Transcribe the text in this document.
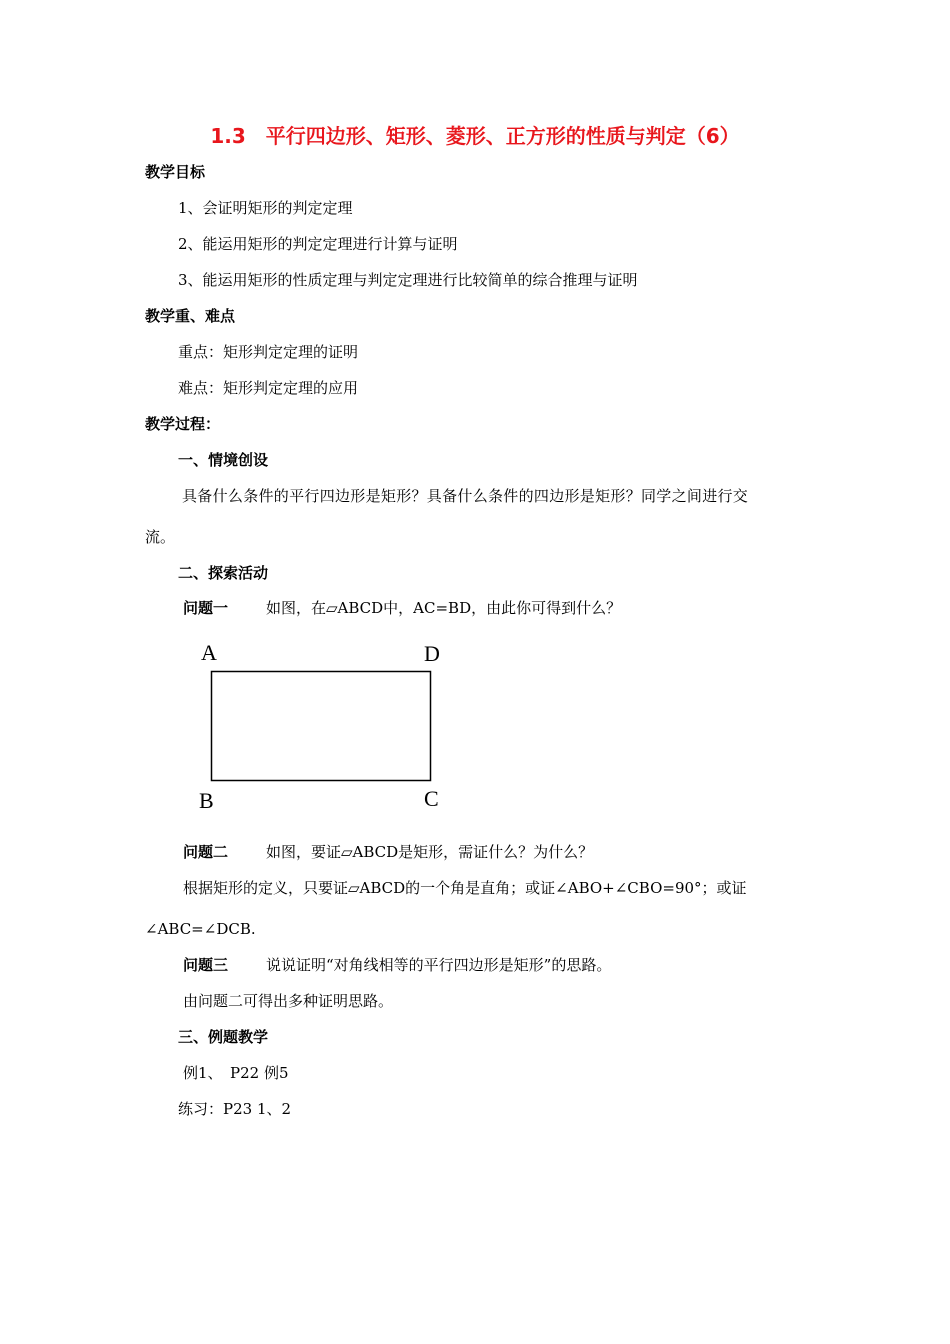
1.3　平行四边形、矩形、菱形、正方形的性质与判定（6）
教学目标
1、会证明矩形的判定定理
2、能运用矩形的判定定理进行计算与证明
3、能运用矩形的性质定理与判定定理进行比较简单的综合推理与证明
教学重、难点
重点：矩形判定定理的证明
难点：矩形判定定理的应用
教学过程：
一、情境创设
具备什么条件的平行四边形是矩形？具备什么条件的四边形是矩形？同学之间进行交
流。
二、探索活动
问题一	如图，在▱ABCD中，AC=BD，由此你可得到什么？
A	D
B	C
问题二	如图，要证▱ABCD是矩形，需证什么？为什么？
根据矩形的定义，只要证▱ABCD的一个角是直角；或证∠ABO+∠CBO=90°；或证
∠ABC=∠DCB.
问题三	说说证明“对角线相等的平行四边形是矩形”的思路。
由问题二可得出多种证明思路。
三、例题教学
例1、　P22 例5
练习：P23 1、2
